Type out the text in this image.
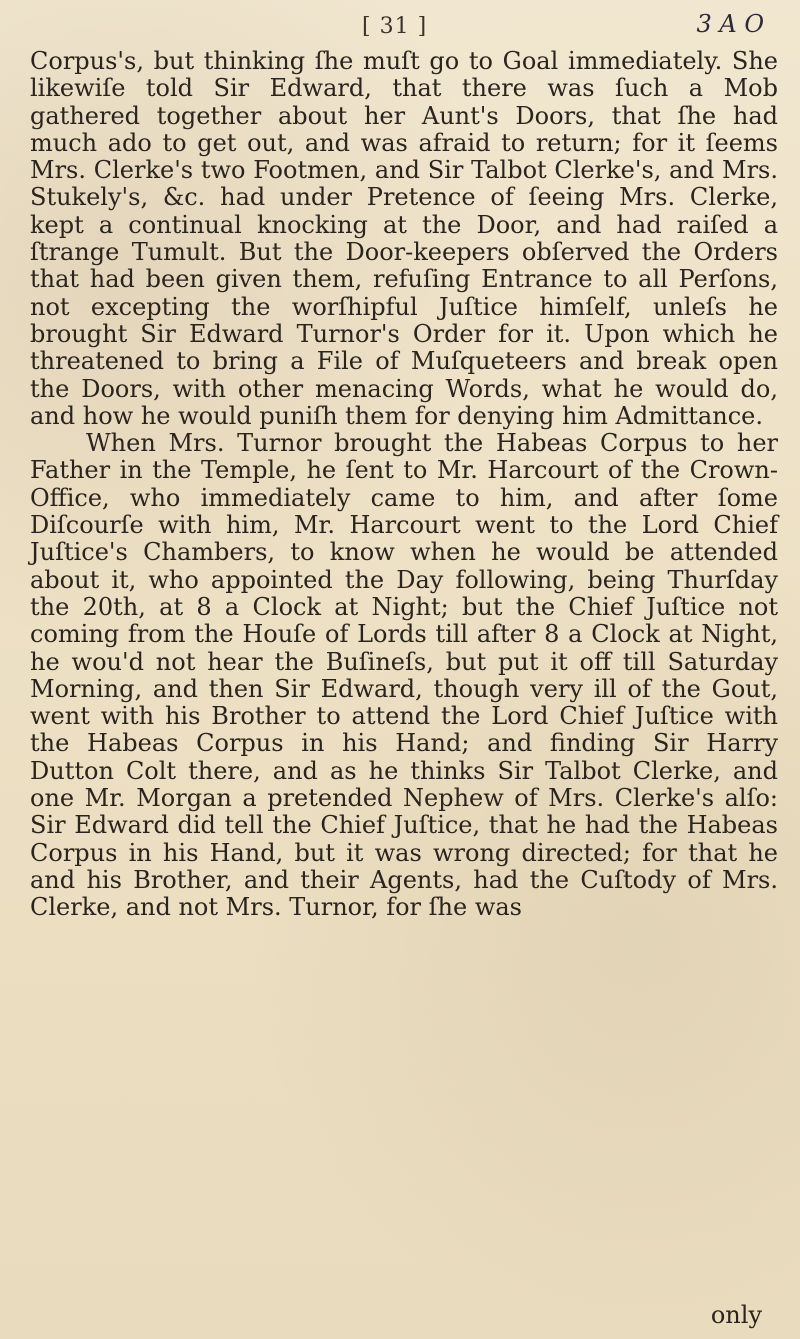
[ 31 ]	3 A O

Corpus's, but thinking ſhe muſt go to Goal immediately. She likewiſe told Sir Edward, that there was ſuch a Mob gathered together about her Aunt's Doors, that ſhe had much ado to get out, and was afraid to return; for it ſeems Mrs. Clerke's two Footmen, and Sir Talbot Clerke's, and Mrs. Stukely's, &c. had under Pretence of ſeeing Mrs. Clerke, kept a continual knocking at the Door, and had raiſed a ſtrange Tumult. But the Door-keepers obſerved the Orders that had been given them, refuſing Entrance to all Perſons, not excepting the worſhipful Juſtice himſelf, unleſs he brought Sir Edward Turnor's Order for it. Upon which he threatened to bring a File of Muſqueteers and break open the Doors, with other menacing Words, what he would do, and how he would puniſh them for denying him Admittance.

When Mrs. Turnor brought the Habeas Corpus to her Father in the Temple, he ſent to Mr. Harcourt of the Crown-Office, who immediately came to him, and after ſome Diſcourſe with him, Mr. Harcourt went to the Lord Chief Juſtice's Chambers, to know when he would be attended about it, who appointed the Day following, being Thurſday the 20th, at 8 a Clock at Night; but the Chief Juſtice not coming from the Houſe of Lords till after 8 a Clock at Night, he wou'd not hear the Buſineſs, but put it off till Saturday Morning, and then Sir Edward, though very ill of the Gout, went with his Brother to attend the Lord Chief Juſtice with the Habeas Corpus in his Hand; and finding Sir Harry Dutton Colt there, and as he thinks Sir Talbot Clerke, and one Mr. Morgan a pretended Nephew of Mrs. Clerke's alſo: Sir Edward did tell the Chief Juſtice, that he had the Habeas Corpus in his Hand, but it was wrong directed; for that he and his Brother, and their Agents, had the Cuſtody of Mrs. Clerke, and not Mrs. Turnor, for ſhe was

only
